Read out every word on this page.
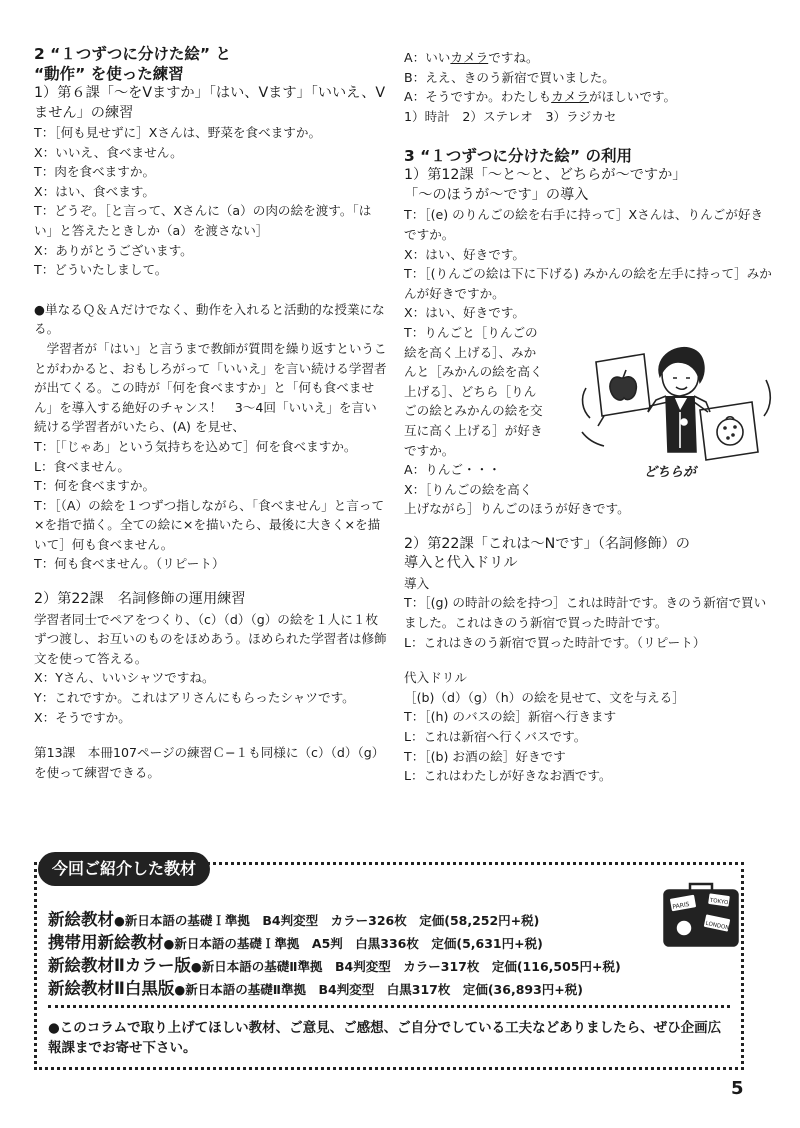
2 “１つずつに分けた絵” と

“動作” を使った練習

1）第６課「〜をVますか」「はい、Vます」「いいえ、Vません」の練習

T：［何も見せずに］Xさんは、野菜を食べますか。

X：いいえ、食べません。

T：肉を食べますか。

X：はい、食べます。

T：どうぞ。［と言って、Xさんに（a）の肉の絵を渡す。「はい」と答えたときしか（a）を渡さない］

X：ありがとうございます。

T：どういたしまして。

●単なるＱ＆Ａだけでなく、動作を入れると活動的な授業になる。

学習者が「はい」と言うまで教師が質問を繰り返すということがわかると、おもしろがって「いいえ」を言い続ける学習者が出てくる。この時が「何を食べますか」と「何も食べません」を導入する絶好のチャンス！　3〜4回「いいえ」を言い続ける学習者がいたら、(A) を見せ、

T：［「じゃあ」という気持ちを込めて］何を食べますか。

L：食べません。

T：何を食べますか。

T：［（A）の絵を１つずつ指しながら、「食べません」と言って×を指で描く。全ての絵に×を描いたら、最後に大きく×を描いて］何も食べません。

T：何も食べません。（リピート）

2）第22課　名詞修飾の運用練習

学習者同士でペアをつくり、（c）（d）（g）の絵を１人に１枚ずつ渡し、お互いのものをほめあう。ほめられた学習者は修飾文を使って答える。

X：Yさん、いいシャツですね。

Y：これですか。これはアリさんにもらったシャツです。

X：そうですか。

第13課　本冊107ページの練習Ｃ−１も同様に（c）（d）（g）を使って練習できる。

A：いいカメラですね。

B：ええ、きのう新宿で買いました。

A：そうですか。わたしもカメラがほしいです。

1）時計　2）ステレオ　3）ラジカセ

3 “１つずつに分けた絵” の利用

1）第12課「〜と〜と、どちらが〜ですか」

「〜のほうが〜です」の導入

T：［(e) のりんごの絵を右手に持って］Xさんは、りんごが好きですか。

X：はい、好きです。

T：［(りんごの絵は下に下げる) みかんの絵を左手に持って］みかんが好きですか。

X：はい、好きです。

T：りんごと［りんごの

絵を高く上げる］、みか

んと［みかんの絵を高く

上げる］、どちら［りん

ごの絵とみかんの絵を交

互に高く上げる］が好き

ですか。

A：りんご・・・

X：［りんごの絵を高く

上げながら］りんごのほうが好きです。

2）第22課「これは〜Nです」（名詞修飾）の

導入と代入ドリル

導入

T：［(g) の時計の絵を持つ］これは時計です。きのう新宿で買いました。これはきのう新宿で買った時計です。

L：これはきのう新宿で買った時計です。（リピート）

代入ドリル

［(b)（d）（g）（h）の絵を見せて、文を与える］

T：［(h) のバスの絵］新宿へ行きます

L：これは新宿へ行くバスです。

T：［(b) お酒の絵］好きです

L：これはわたしが好きなお酒です。

どちらが
今回ご紹介した教材
新絵教材●新日本語の基礎Ｉ準拠　B4判変型　カラー326枚　定価(58,252円+税)
携帯用新絵教材●新日本語の基礎Ｉ準拠　A5判　白黒336枚　定価(5,631円+税)
新絵教材Ⅱカラー版●新日本語の基礎Ⅱ準拠　B4判変型　カラー317枚　定価(116,505円+税)
新絵教材Ⅱ白黒版●新日本語の基礎Ⅱ準拠　B4判変型　白黒317枚　定価(36,893円+税)

●このコラムで取り上げてほしい教材、ご意見、ご感想、ご自分でしている工夫などありましたら、ぜひ企画広報課までお寄せ下さい。

PARIS
LONDON
TOKYO
5
